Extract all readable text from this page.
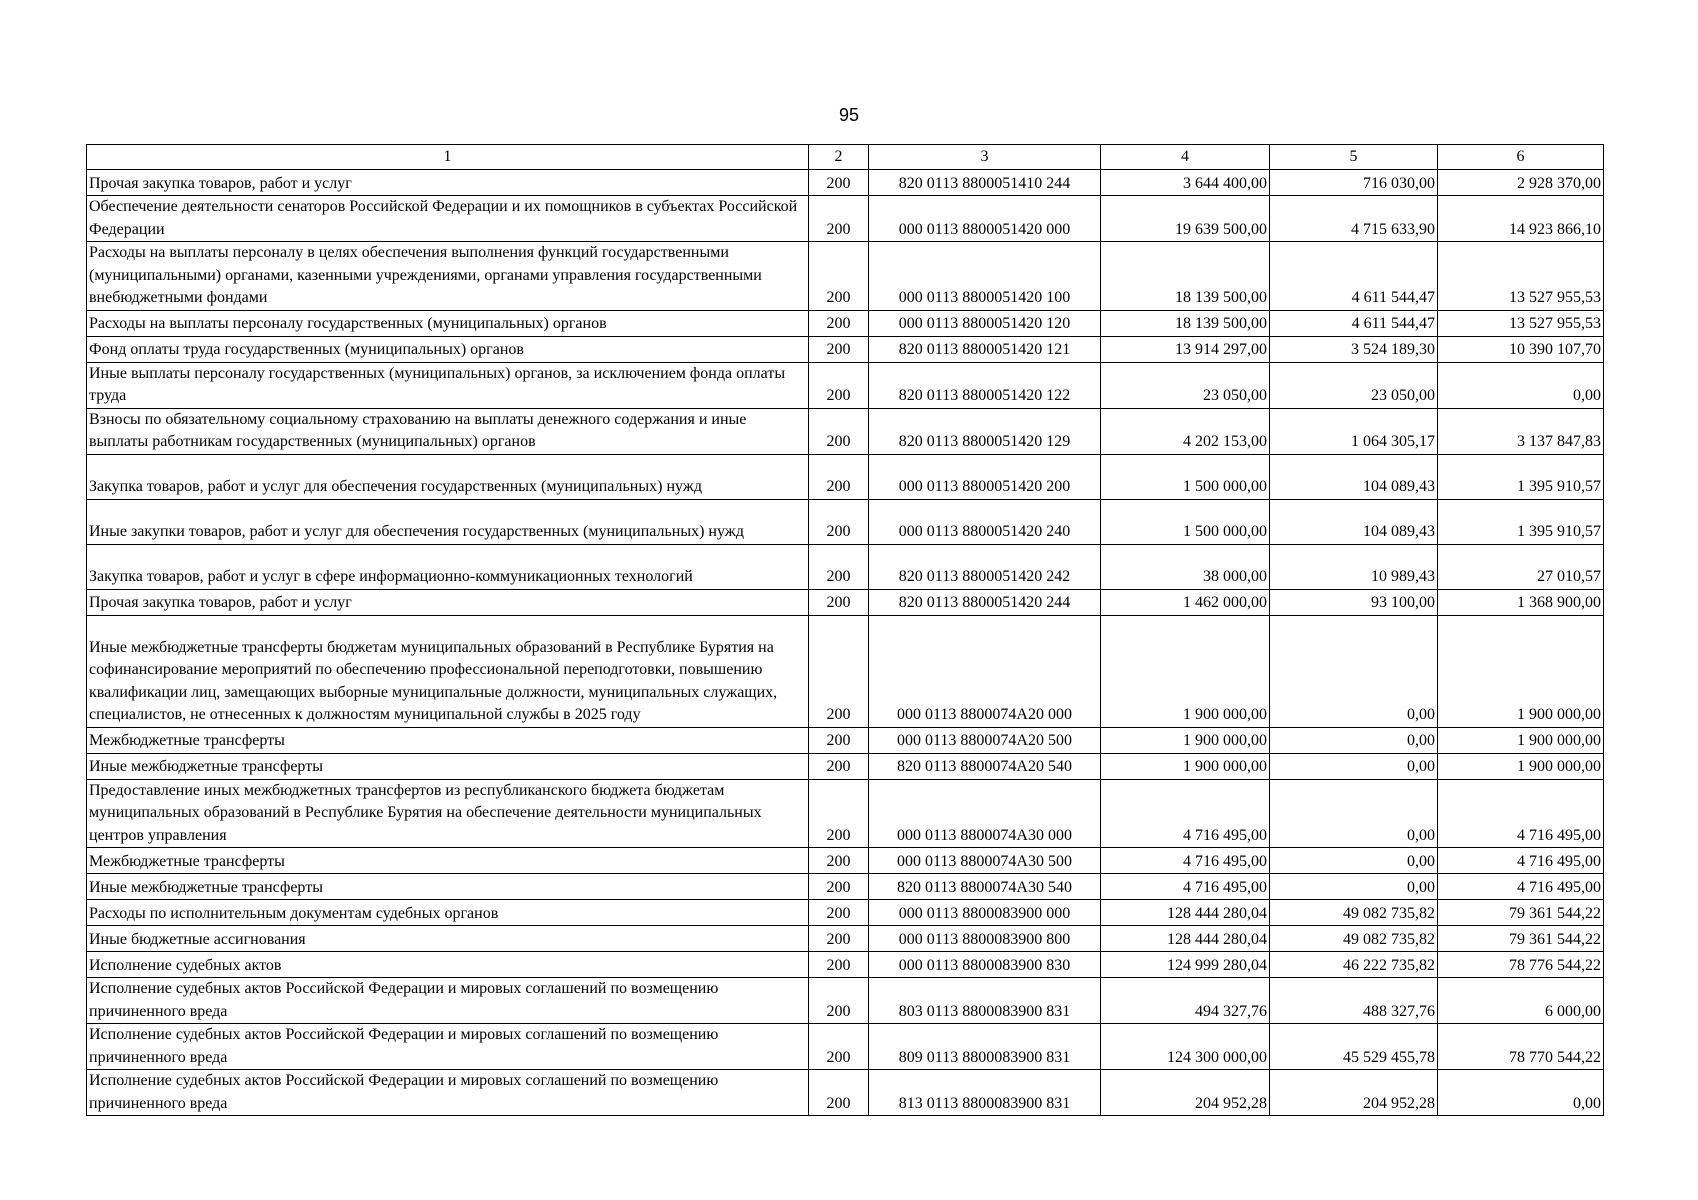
95
1	2	3	4	5	6
Прочая закупка товаров, работ и услуг	200	820 0113 8800051410 244	3 644 400,00	716 030,00	2 928 370,00
Обеспечение деятельности сенаторов Российской Федерации и их помощников в субъектах Российской Федерации	200	000 0113 8800051420 000	19 639 500,00	4 715 633,90	14 923 866,10
Расходы на выплаты персоналу в целях обеспечения выполнения функций государственными (муниципальными) органами, казенными учреждениями, органами управления государственными внебюджетными фондами	200	000 0113 8800051420 100	18 139 500,00	4 611 544,47	13 527 955,53
Расходы на выплаты персоналу государственных (муниципальных) органов	200	000 0113 8800051420 120	18 139 500,00	4 611 544,47	13 527 955,53
Фонд оплаты труда государственных (муниципальных) органов	200	820 0113 8800051420 121	13 914 297,00	3 524 189,30	10 390 107,70
Иные выплаты персоналу государственных (муниципальных) органов, за исключением фонда оплаты труда	200	820 0113 8800051420 122	23 050,00	23 050,00	0,00
Взносы по обязательному социальному страхованию на выплаты денежного содержания и иные выплаты работникам государственных (муниципальных) органов	200	820 0113 8800051420 129	4 202 153,00	1 064 305,17	3 137 847,83
Закупка товаров, работ и услуг для обеспечения государственных (муниципальных) нужд	200	000 0113 8800051420 200	1 500 000,00	104 089,43	1 395 910,57
Иные закупки товаров, работ и услуг для обеспечения государственных (муниципальных) нужд	200	000 0113 8800051420 240	1 500 000,00	104 089,43	1 395 910,57
Закупка товаров, работ и услуг в сфере информационно-коммуникационных технологий	200	820 0113 8800051420 242	38 000,00	10 989,43	27 010,57
Прочая закупка товаров, работ и услуг	200	820 0113 8800051420 244	1 462 000,00	93 100,00	1 368 900,00
Иные межбюджетные трансферты бюджетам муниципальных образований в Республике Бурятия на софинансирование мероприятий по обеспечению профессиональной переподготовки, повышению квалификации лиц, замещающих выборные муниципальные должности, муниципальных служащих, специалистов, не отнесенных к должностям муниципальной службы в 2025 году	200	000 0113 8800074А20 000	1 900 000,00	0,00	1 900 000,00
Межбюджетные трансферты	200	000 0113 8800074А20 500	1 900 000,00	0,00	1 900 000,00
Иные межбюджетные трансферты	200	820 0113 8800074А20 540	1 900 000,00	0,00	1 900 000,00
Предоставление иных межбюджетных трансфертов из республиканского бюджета бюджетам муниципальных образований в Республике Бурятия на обеспечение деятельности муниципальных центров управления	200	000 0113 8800074А30 000	4 716 495,00	0,00	4 716 495,00
Межбюджетные трансферты	200	000 0113 8800074А30 500	4 716 495,00	0,00	4 716 495,00
Иные межбюджетные трансферты	200	820 0113 8800074А30 540	4 716 495,00	0,00	4 716 495,00
Расходы по исполнительным документам судебных органов	200	000 0113 8800083900 000	128 444 280,04	49 082 735,82	79 361 544,22
Иные бюджетные ассигнования	200	000 0113 8800083900 800	128 444 280,04	49 082 735,82	79 361 544,22
Исполнение судебных актов	200	000 0113 8800083900 830	124 999 280,04	46 222 735,82	78 776 544,22
Исполнение судебных актов Российской Федерации и мировых соглашений по возмещению причиненного вреда	200	803 0113 8800083900 831	494 327,76	488 327,76	6 000,00
Исполнение судебных актов Российской Федерации и мировых соглашений по возмещению причиненного вреда	200	809 0113 8800083900 831	124 300 000,00	45 529 455,78	78 770 544,22
Исполнение судебных актов Российской Федерации и мировых соглашений по возмещению причиненного вреда	200	813 0113 8800083900 831	204 952,28	204 952,28	0,00
